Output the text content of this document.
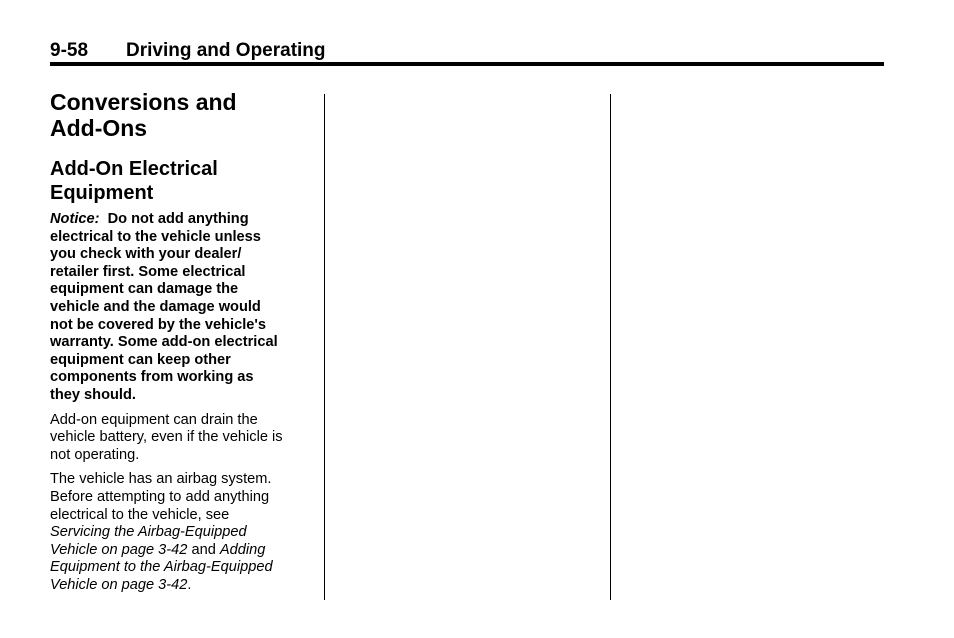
9-58 Driving and Operating
Conversions and
Add-Ons
Add-On Electrical
Equipment

Notice: Do not add anything
electrical to the vehicle unless
you check with your dealer/
retailer first. Some electrical
equipment can damage the
vehicle and the damage would
not be covered by the vehicle's
warranty. Some add-on electrical
equipment can keep other
components from working as
they should.

Add-on equipment can drain the
vehicle battery, even if the vehicle is
not operating.

The vehicle has an airbag system.
Before attempting to add anything
electrical to the vehicle, see
Servicing the Airbag-Equipped
Vehicle on page 3-42 and Adding
Equipment to the Airbag-Equipped
Vehicle on page 3-42.
